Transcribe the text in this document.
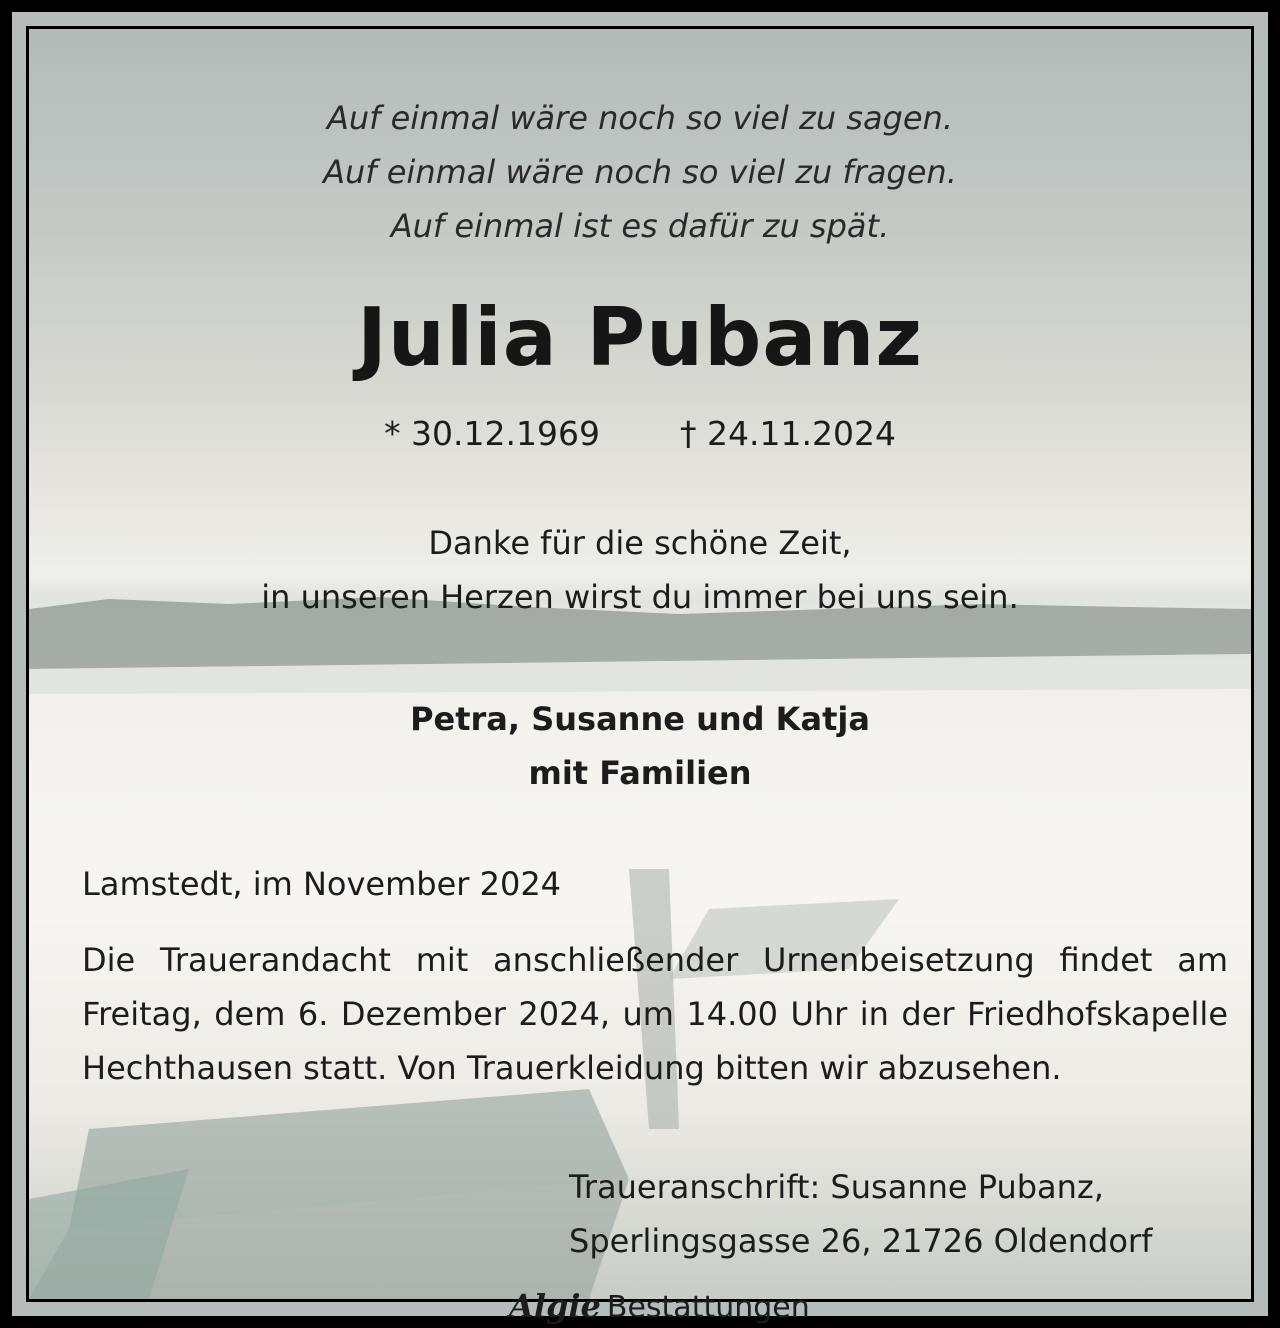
Auf einmal wäre noch so viel zu sagen.
Auf einmal wäre noch so viel zu fragen.
Auf einmal ist es dafür zu spät.
Julia Pubanz
* 30.12.1969 † 24.11.2024
Danke für die schöne Zeit,
in unseren Herzen wirst du immer bei uns sein.
Petra, Susanne und Katja
mit Familien
Lamstedt, im November 2024
Die Trauerandacht mit anschließender Urnenbeisetzung findet am Freitag, dem 6. Dezember 2024, um 14.00 Uhr in der Friedhofskapelle Hechthausen statt. Von Trauerkleidung bitten wir abzusehen.
Traueranschrift: Susanne Pubanz,
Sperlingsgasse 26, 21726 Oldendorf
Algie Bestattungen
